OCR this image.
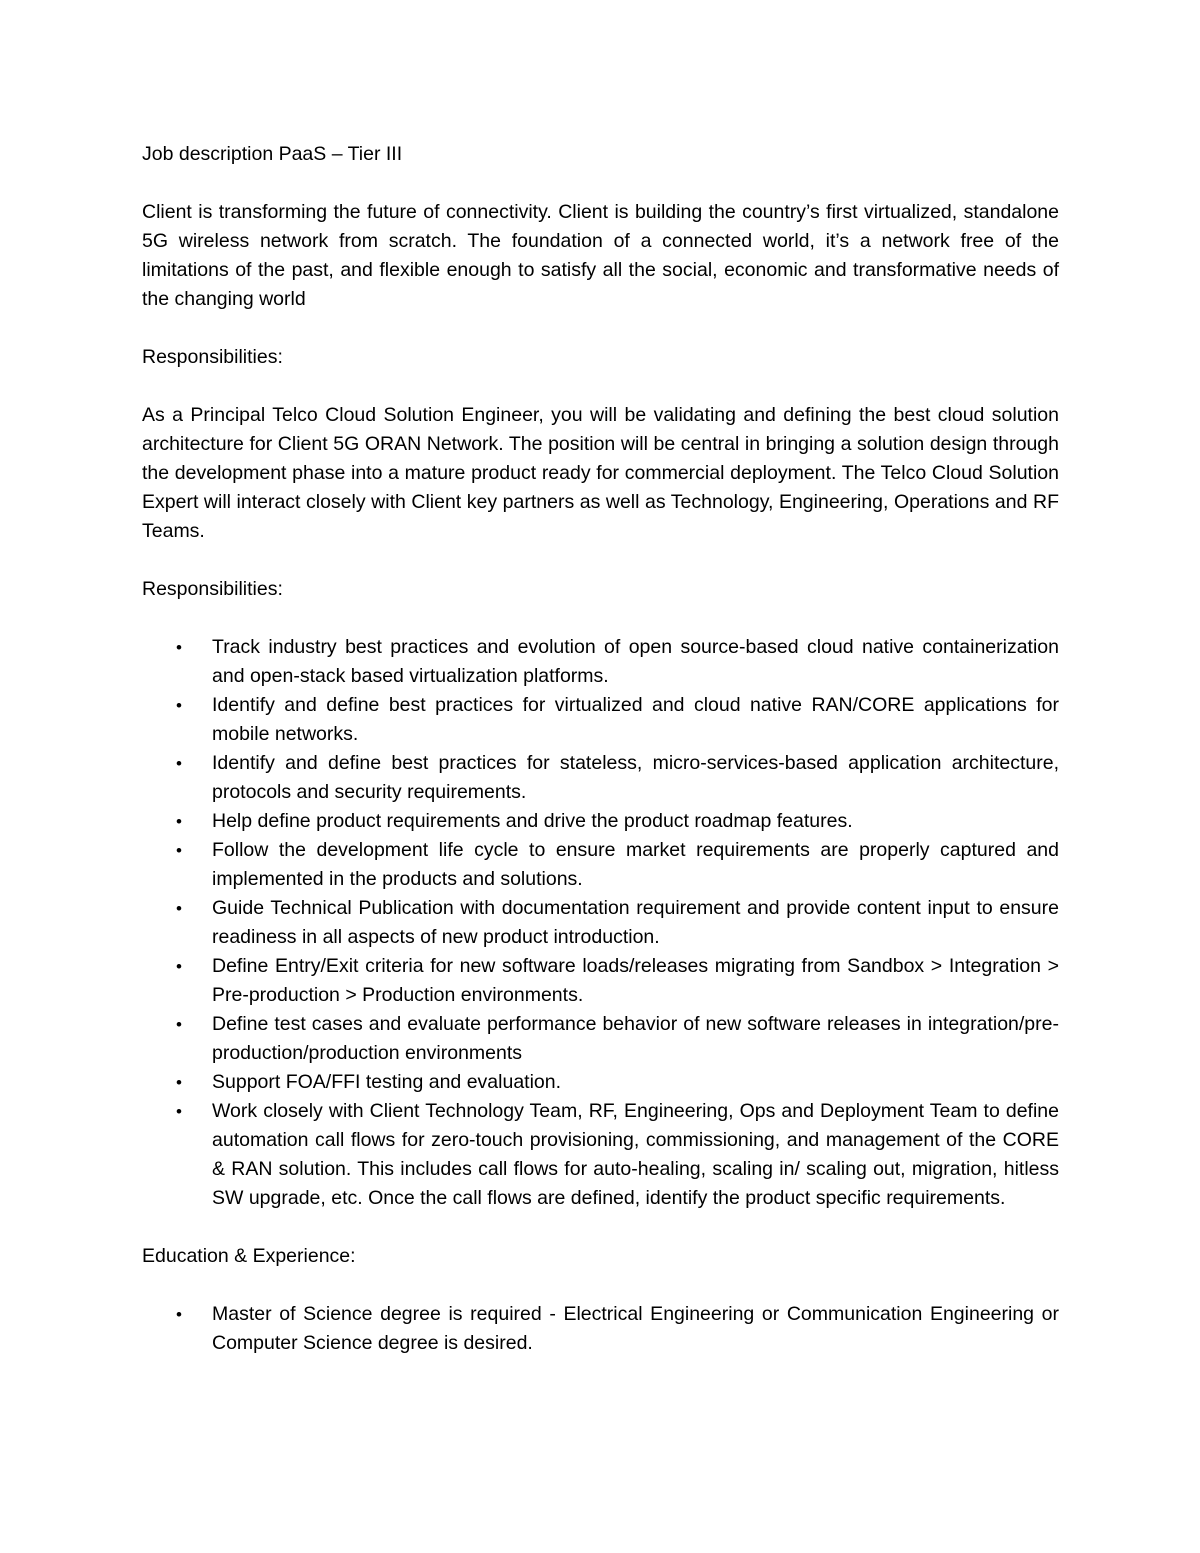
Job description PaaS – Tier III

Client is transforming the future of connectivity. Client is building the country’s first virtualized, standalone 5G wireless network from scratch. The foundation of a connected world, it’s a network free of the limitations of the past, and flexible enough to satisfy all the social, economic and transformative needs of the changing world

Responsibilities:

As a Principal Telco Cloud Solution Engineer, you will be validating and defining the best cloud solution architecture for Client 5G ORAN Network. The position will be central in bringing a solution design through the development phase into a mature product ready for commercial deployment. The Telco Cloud Solution Expert will interact closely with Client key partners as well as Technology, Engineering, Operations and RF Teams.

Responsibilities:

• Track industry best practices and evolution of open source-based cloud native containerization and open-stack based virtualization platforms.
• Identify and define best practices for virtualized and cloud native RAN/CORE applications for mobile networks.
• Identify and define best practices for stateless, micro-services-based application architecture, protocols and security requirements.
• Help define product requirements and drive the product roadmap features.
• Follow the development life cycle to ensure market requirements are properly captured and implemented in the products and solutions.
• Guide Technical Publication with documentation requirement and provide content input to ensure readiness in all aspects of new product introduction.
• Define Entry/Exit criteria for new software loads/releases migrating from Sandbox > Integration > Pre-production > Production environments.
• Define test cases and evaluate performance behavior of new software releases in integration/pre-production/production environments
• Support FOA/FFI testing and evaluation.
• Work closely with Client Technology Team, RF, Engineering, Ops and Deployment Team to define automation call flows for zero-touch provisioning, commissioning, and management of the CORE & RAN solution. This includes call flows for auto-healing, scaling in/ scaling out, migration, hitless SW upgrade, etc. Once the call flows are defined, identify the product specific requirements.

Education & Experience:

• Master of Science degree is required - Electrical Engineering or Communication Engineering or Computer Science degree is desired.
